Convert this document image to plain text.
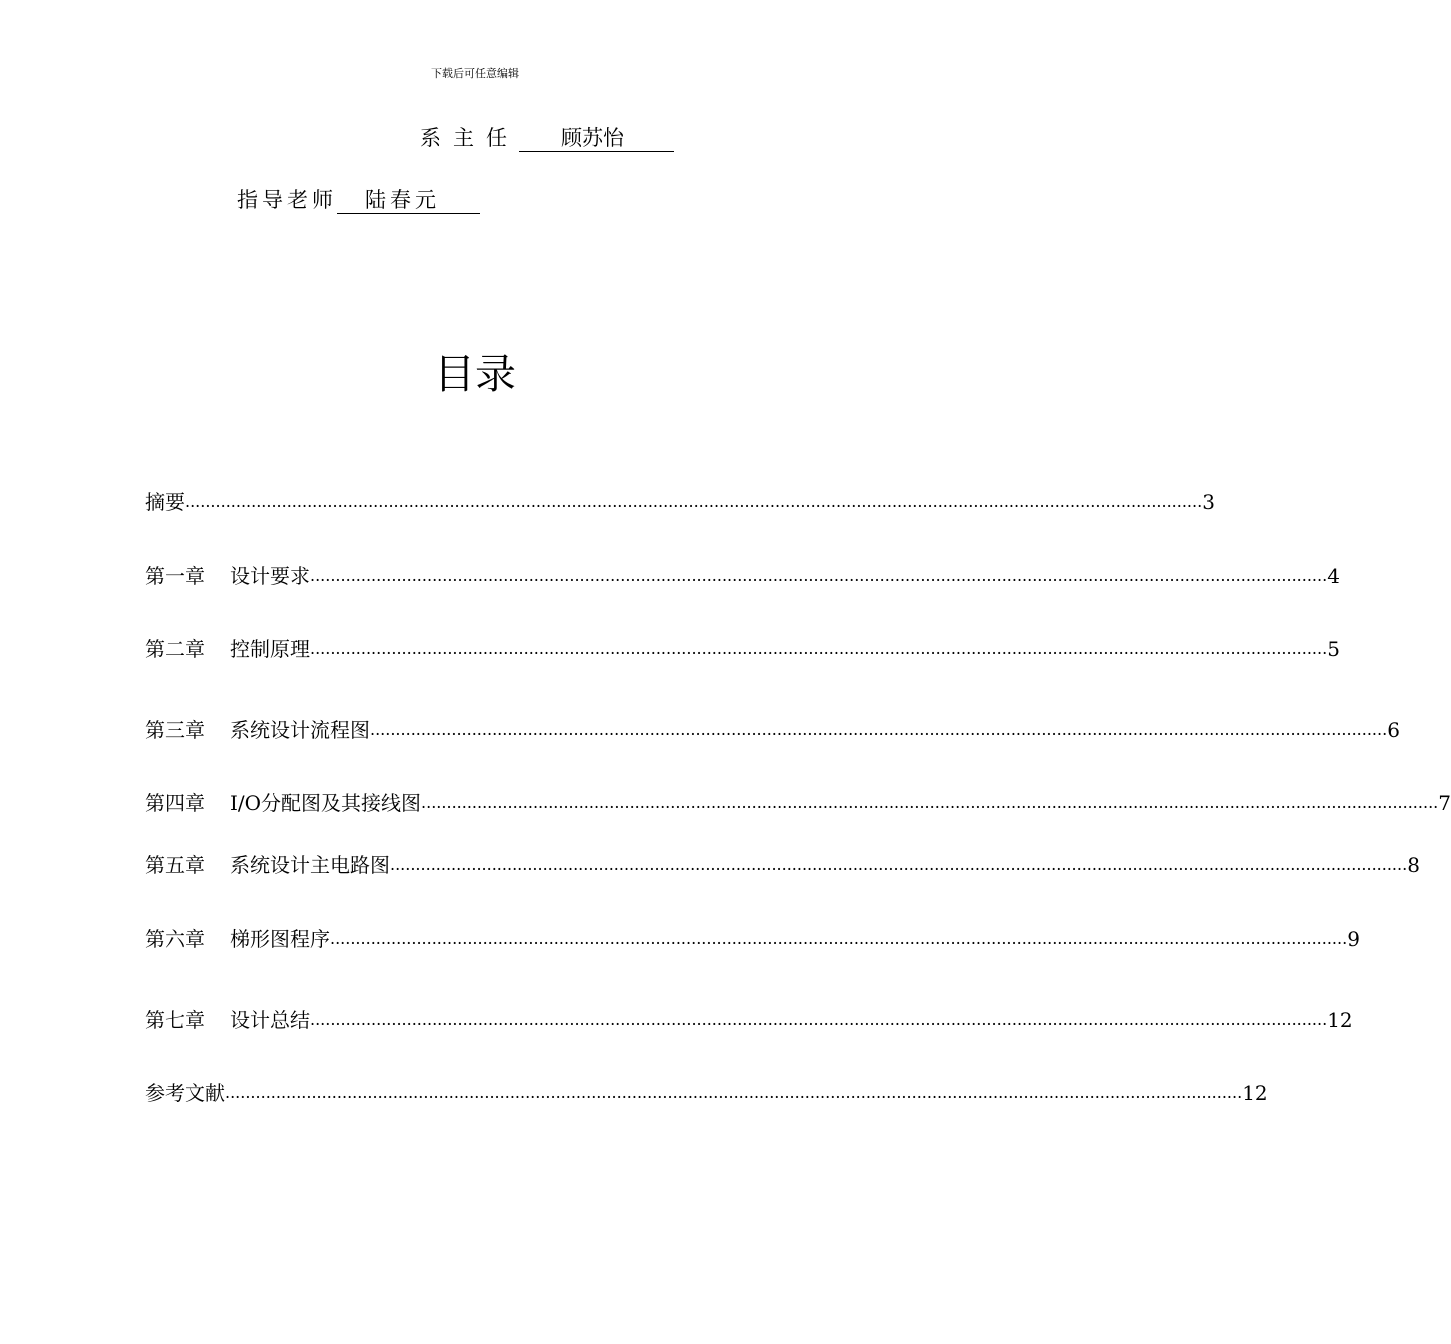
下载后可任意编辑
系主任 顾苏怡
指导老师 陆春元
目录
摘要 ........................................................................................................................................................................................................ 3
第一章 设计要求 ........................................................................................................................................................................................................ 4
第二章 控制原理 ........................................................................................................................................................................................................ 5
第三章 系统设计流程图 ........................................................................................................................................................................................................ 6
第四章 I/O分配图及其接线图 ........................................................................................................................................................................................................ 7
第五章 系统设计主电路图 ........................................................................................................................................................................................................ 8
第六章 梯形图程序 ........................................................................................................................................................................................................ 9
第七章 设计总结 ........................................................................................................................................................................................................ 12
参考文献 ........................................................................................................................................................................................................ 12
